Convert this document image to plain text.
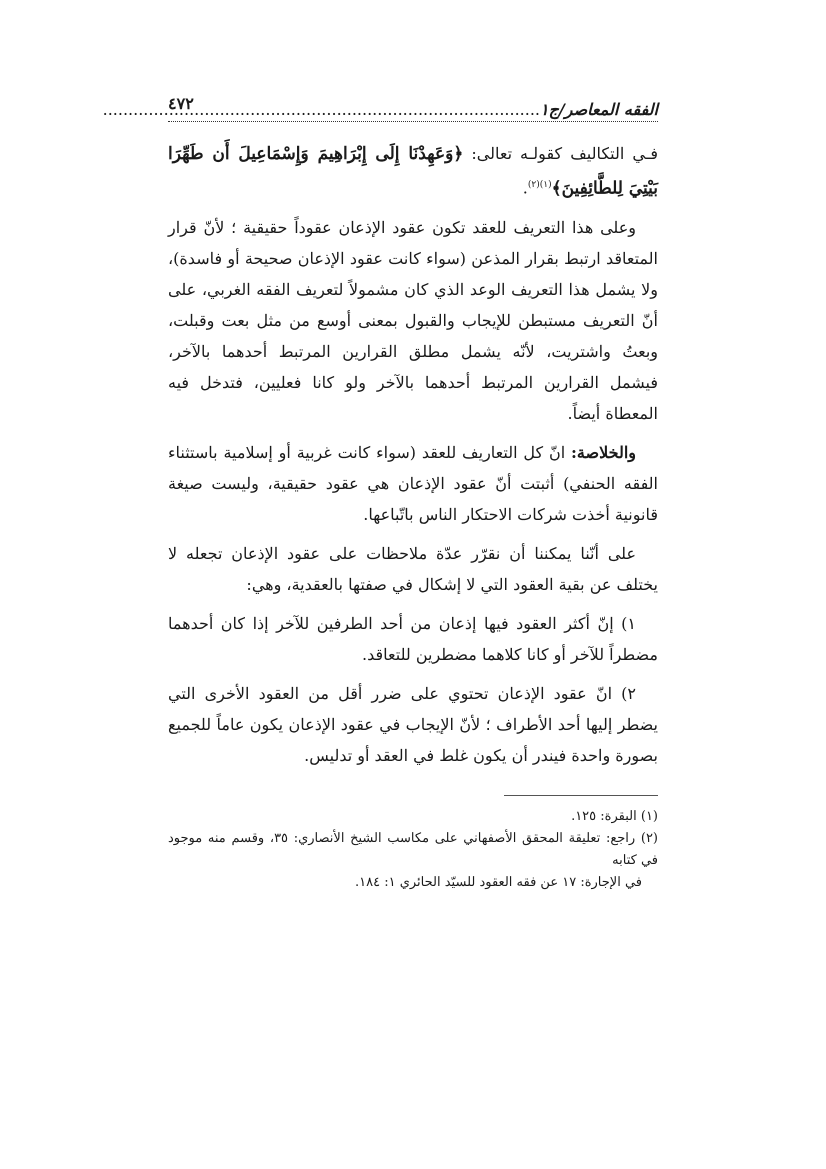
الفقه المعاصر/ج١ .....
٤٧٢

فـي التكاليف كقولـه تعالى: ﴿وَعَهِدْنَا إِلَى إِبْرَاهِيمَ وَإِسْمَاعِيلَ أَن طَهِّرَا بَيْتِيَ لِلطَّائِفِينَ﴾$^{(١)(٢)}$.

وعلى هذا التعريف للعقد تكون عقود الإذعان عقوداً حقيقية ؛ لأنّ قرار المتعاقد ارتبط بقرار المذعن (سواء كانت عقود الإذعان صحيحة أو فاسدة)، ولا يشمل هذا التعريف الوعد الذي كان مشمولاً لتعريف الفقه الغربي، على أنّ التعريف مستبطن للإيجاب والقبول بمعنى أوسع من مثل بعت وقبلت، وبعتُ واشتريت، لأنّه يشمل مطلق القرارين المرتبط أحدهما بالآخر، فيشمل القرارين المرتبط أحدهما بالآخر ولو كانا فعليين، فتدخل فيه المعطاة أيضاً.

والخلاصة: انّ كل التعاريف للعقد (سواء كانت غربية أو إسلامية باستثناء الفقه الحنفي) أثبتت أنّ عقود الإذعان هي عقود حقيقية، وليست صيغة قانونية أخذت شركات الاحتكار الناس باتّباعها.

على أنّنا يمكننا أن نقرّر عدّة ملاحظات على عقود الإذعان تجعله لا يختلف عن بقية العقود التي لا إشكال في صفتها بالعقدية، وهي:

١) إنّ أكثر العقود فيها إذعان من أحد الطرفين للآخر إذا كان أحدهما مضطراً للآخر أو كانا كلاهما مضطرين للتعاقد.

٢) انّ عقود الإذعان تحتوي على ضرر أقل من العقود الأخرى التي يضطر إليها أحد الأطراف ؛ لأنّ الإيجاب في عقود الإذعان يكون عاماً للجميع بصورة واحدة فيندر أن يكون غلط في العقد أو تدليس.

(١) البقرة: ١٢٥.

(٢) راجع: تعليقة المحقق الأصفهاني على مكاسب الشيخ الأنصاري: ٣٥، وقسم منه موجود في كتابه

في الإجارة: ١٧ عن فقه العقود للسيّد الحائري ١: ١٨٤.
